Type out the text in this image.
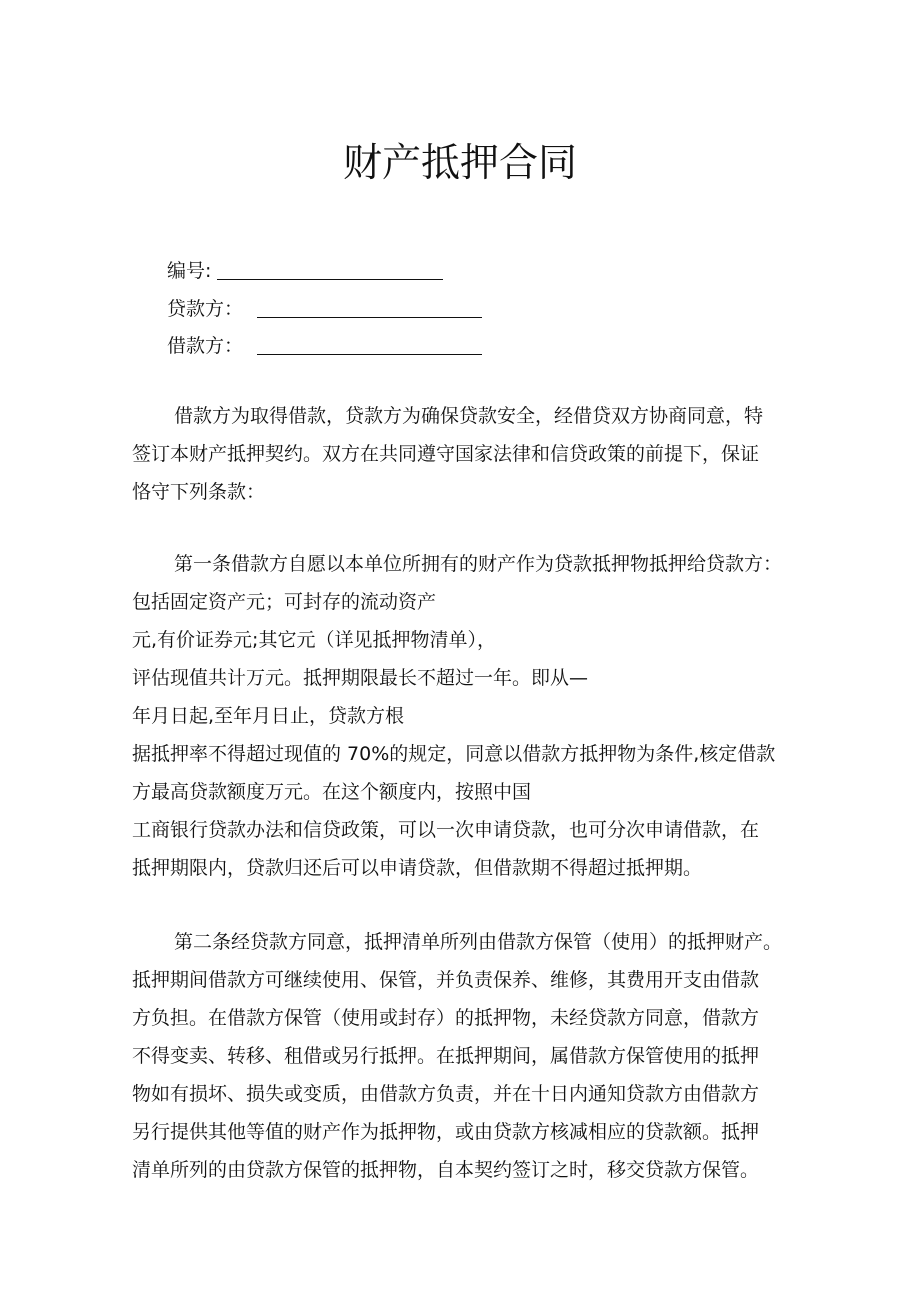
财产抵押合同
编号:
贷款方：
借款方：
借款方为取得借款，贷款方为确保贷款安全，经借贷双方协商同意，特
签订本财产抵押契约。双方在共同遵守国家法律和信贷政策的前提下，保证
恪守下列条款：
第一条借款方自愿以本单位所拥有的财产作为贷款抵押物抵押给贷款方：
包括固定资产元；可封存的流动资产
元,有价证券元;其它元（详见抵押物清单），
评估现值共计万元。抵押期限最长不超过一年。即从—
年月日起,至年月日止，贷款方根
据抵押率不得超过现值的 70%的规定，同意以借款方抵押物为条件,核定借款
方最高贷款额度万元。在这个额度内，按照中国
工商银行贷款办法和信贷政策，可以一次申请贷款，也可分次申请借款，在
抵押期限内，贷款归还后可以申请贷款，但借款期不得超过抵押期。
第二条经贷款方同意，抵押清单所列由借款方保管（使用）的抵押财产。
抵押期间借款方可继续使用、保管，并负责保养、维修，其费用开支由借款
方负担。在借款方保管（使用或封存）的抵押物，未经贷款方同意，借款方
不得变卖、转移、租借或另行抵押。在抵押期间，属借款方保管使用的抵押
物如有损坏、损失或变质，由借款方负责，并在十日内通知贷款方由借款方
另行提供其他等值的财产作为抵押物，或由贷款方核减相应的贷款额。抵押
清单所列的由贷款方保管的抵押物，自本契约签订之时，移交贷款方保管。
